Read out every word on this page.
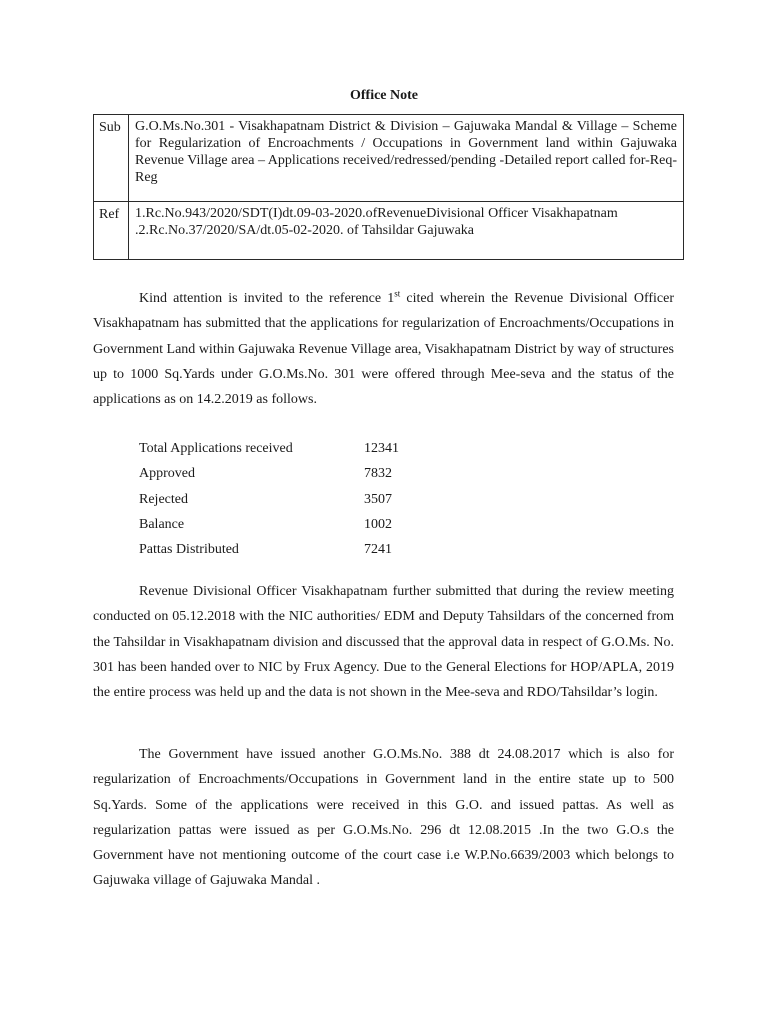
Office Note
Sub	G.O.Ms.No.301 - Visakhapatnam District & Division – Gajuwaka Mandal & Village – Scheme for Regularization of Encroachments / Occupations in Government land within Gajuwaka Revenue Village area – Applications received/redressed/pending -Detailed report called for-Req-Reg
Ref	1.Rc.No.943/2020/SDT(I)dt.09-03-2020.ofRevenueDivisional Officer Visakhapatnam
.2.Rc.No.37/2020/SA/dt.05-02-2020. of Tahsildar Gajuwaka

Kind attention is invited to the reference 1st cited wherein the Revenue Divisional Officer Visakhapatnam has submitted that the applications for regularization of Encroachments/Occupations in Government Land within Gajuwaka Revenue Village area, Visakhapatnam District by way of structures up to 1000 Sq.Yards under G.O.Ms.No. 301 were offered through Mee-seva and the status of the applications as on 14.2.2019 as follows.

Total Applications received	12341
Approved	7832
Rejected	3507
Balance	1002
Pattas Distributed	7241

Revenue Divisional Officer Visakhapatnam further submitted that during the review meeting conducted on 05.12.2018 with the NIC authorities/ EDM and Deputy Tahsildars of the concerned from the Tahsildar in Visakhapatnam division and discussed that the approval data in respect of G.O.Ms. No. 301 has been handed over to NIC by Frux Agency. Due to the General Elections for HOP/APLA, 2019 the entire process was held up and the data is not shown in the Mee-seva and RDO/Tahsildar’s login.

The Government have issued another G.O.Ms.No. 388 dt 24.08.2017 which is also for regularization of Encroachments/Occupations in Government land in the entire state up to 500 Sq.Yards. Some of the applications were received in this G.O. and issued pattas. As well as regularization pattas were issued as per G.O.Ms.No. 296 dt 12.08.2015 .In the two G.O.s the Government have not mentioning outcome of the court case i.e W.P.No.6639/2003 which belongs to Gajuwaka village of Gajuwaka Mandal .
